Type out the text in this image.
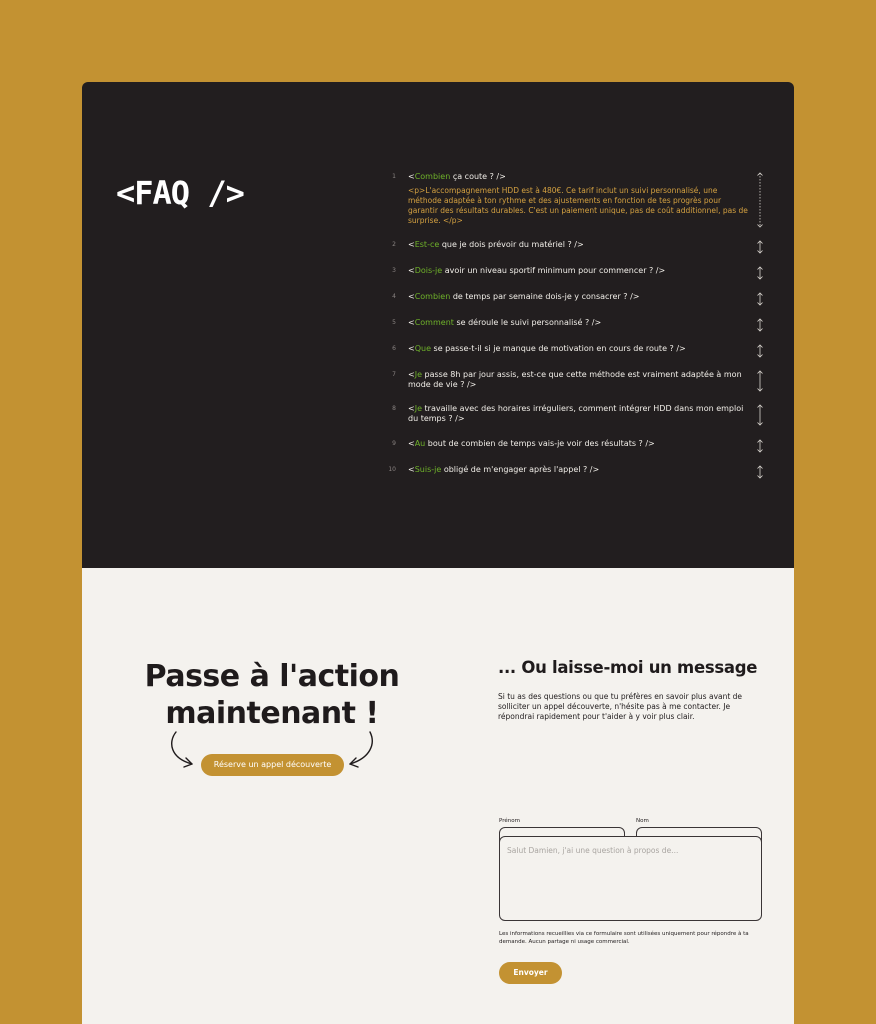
<FAQ />	1 <Combien ça coute ? />
<p>L'accompagnement HDD est à 480€. Ce tarif inclut un suivi personnalisé, une méthode adaptée à ton rythme et des ajustements en fonction de tes progrès pour garantir des résultats durables. C'est un paiement unique, pas de coût additionnel, pas de surprise. </p>
2 <Est-ce que je dois prévoir du matériel ? />
3 <Dois-je avoir un niveau sportif minimum pour commencer ? />
4 <Combien de temps par semaine dois-je y consacrer ? />
5 <Comment se déroule le suivi personnalisé ? />
6 <Que se passe-t-il si je manque de motivation en cours de route ? />
7 <Je passe 8h par jour assis, est-ce que cette méthode est vraiment adaptée à mon mode de vie ? />
8 <Je travaille avec des horaires irréguliers, comment intégrer HDD dans mon emploi du temps ? />
9 <Au bout de combien de temps vais-je voir des résultats ? />
10 <Suis-je obligé de m'engager après l'appel ? />
Passe à l'action
maintenant !
Réserve un appel découverte
... Ou laisse-moi un message
Si tu as des questions ou que tu préfères en savoir plus avant de solliciter un appel découverte, n'hésite pas à me contacter. Je répondrai rapidement pour t'aider à y voir plus clair.
Prénom	Nom
Salut Damien, j'ai une question à propos de...
Les informations recueillies via ce formulaire sont utilisées uniquement pour répondre à ta demande. Aucun partage ni usage commercial.
Envoyer
